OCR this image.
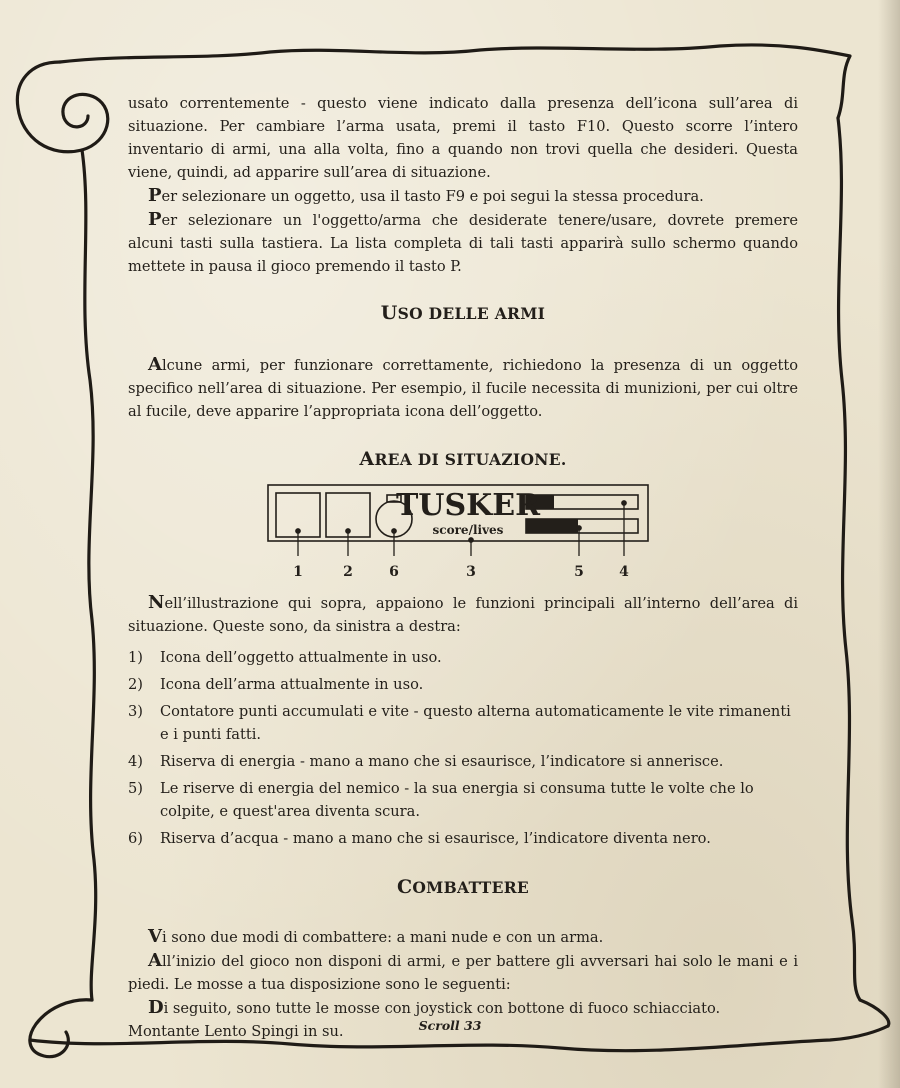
usato correntemente - questo viene indicato dalla presenza dell’icona sull’area di situazione. Per cambiare l’arma usata, premi il tasto F10. Questo scorre l’intero inventario di armi, una alla volta, fino a quando non trovi quella che desideri. Questa viene, quindi, ad apparire sull’area di situazione.

Per selezionare un oggetto, usa il tasto F9 e poi segui la stessa procedura.

Per selezionare un l'oggetto/arma che desiderate tenere/usare, dovrete premere alcuni tasti sulla tastiera. La lista completa di tali tasti apparirà sullo schermo quando mettete in pausa il gioco premendo il tasto P.

USO DELLE ARMI

Alcune armi, per funzionare correttamente, richiedono la presenza di un oggetto specifico nell’area di situazione. Per esempio, il fucile necessita di munizioni, per cui oltre al fucile, deve apparire l’appropriata icona dell’oggetto.

AREA DI SITUAZIONE.
TUSKER
score/lives
1	2	6	3	5	4

Nell’illustrazione qui sopra, appaiono le funzioni principali all’interno dell’area di situazione. Queste sono, da sinistra a destra:

1)	Icona dell’oggetto attualmente in uso.
2)	Icona dell’arma attualmente in uso.
3)	Contatore punti accumulati e vite - questo alterna automaticamente le vite rimanenti e i punti fatti.
4)	Riserva di energia - mano a mano che si esaurisce, l’indicatore si annerisce.
5)	Le riserve di energia del nemico - la sua energia si consuma tutte le volte che lo colpite, e quest'area diventa scura.
6)	Riserva d’acqua - mano a mano che si esaurisce, l’indicatore diventa nero.
COMBATTERE

Vi sono due modi di combattere: a mani nude e con un arma.

All’inizio del gioco non disponi di armi, e per battere gli avversari hai solo le mani e i piedi. Le mosse a tua disposizione sono le seguenti:

Di seguito, sono tutte le mosse con joystick con bottone di fuoco schiacciato.

Montante Lento Spingi in su.	Scroll 33
